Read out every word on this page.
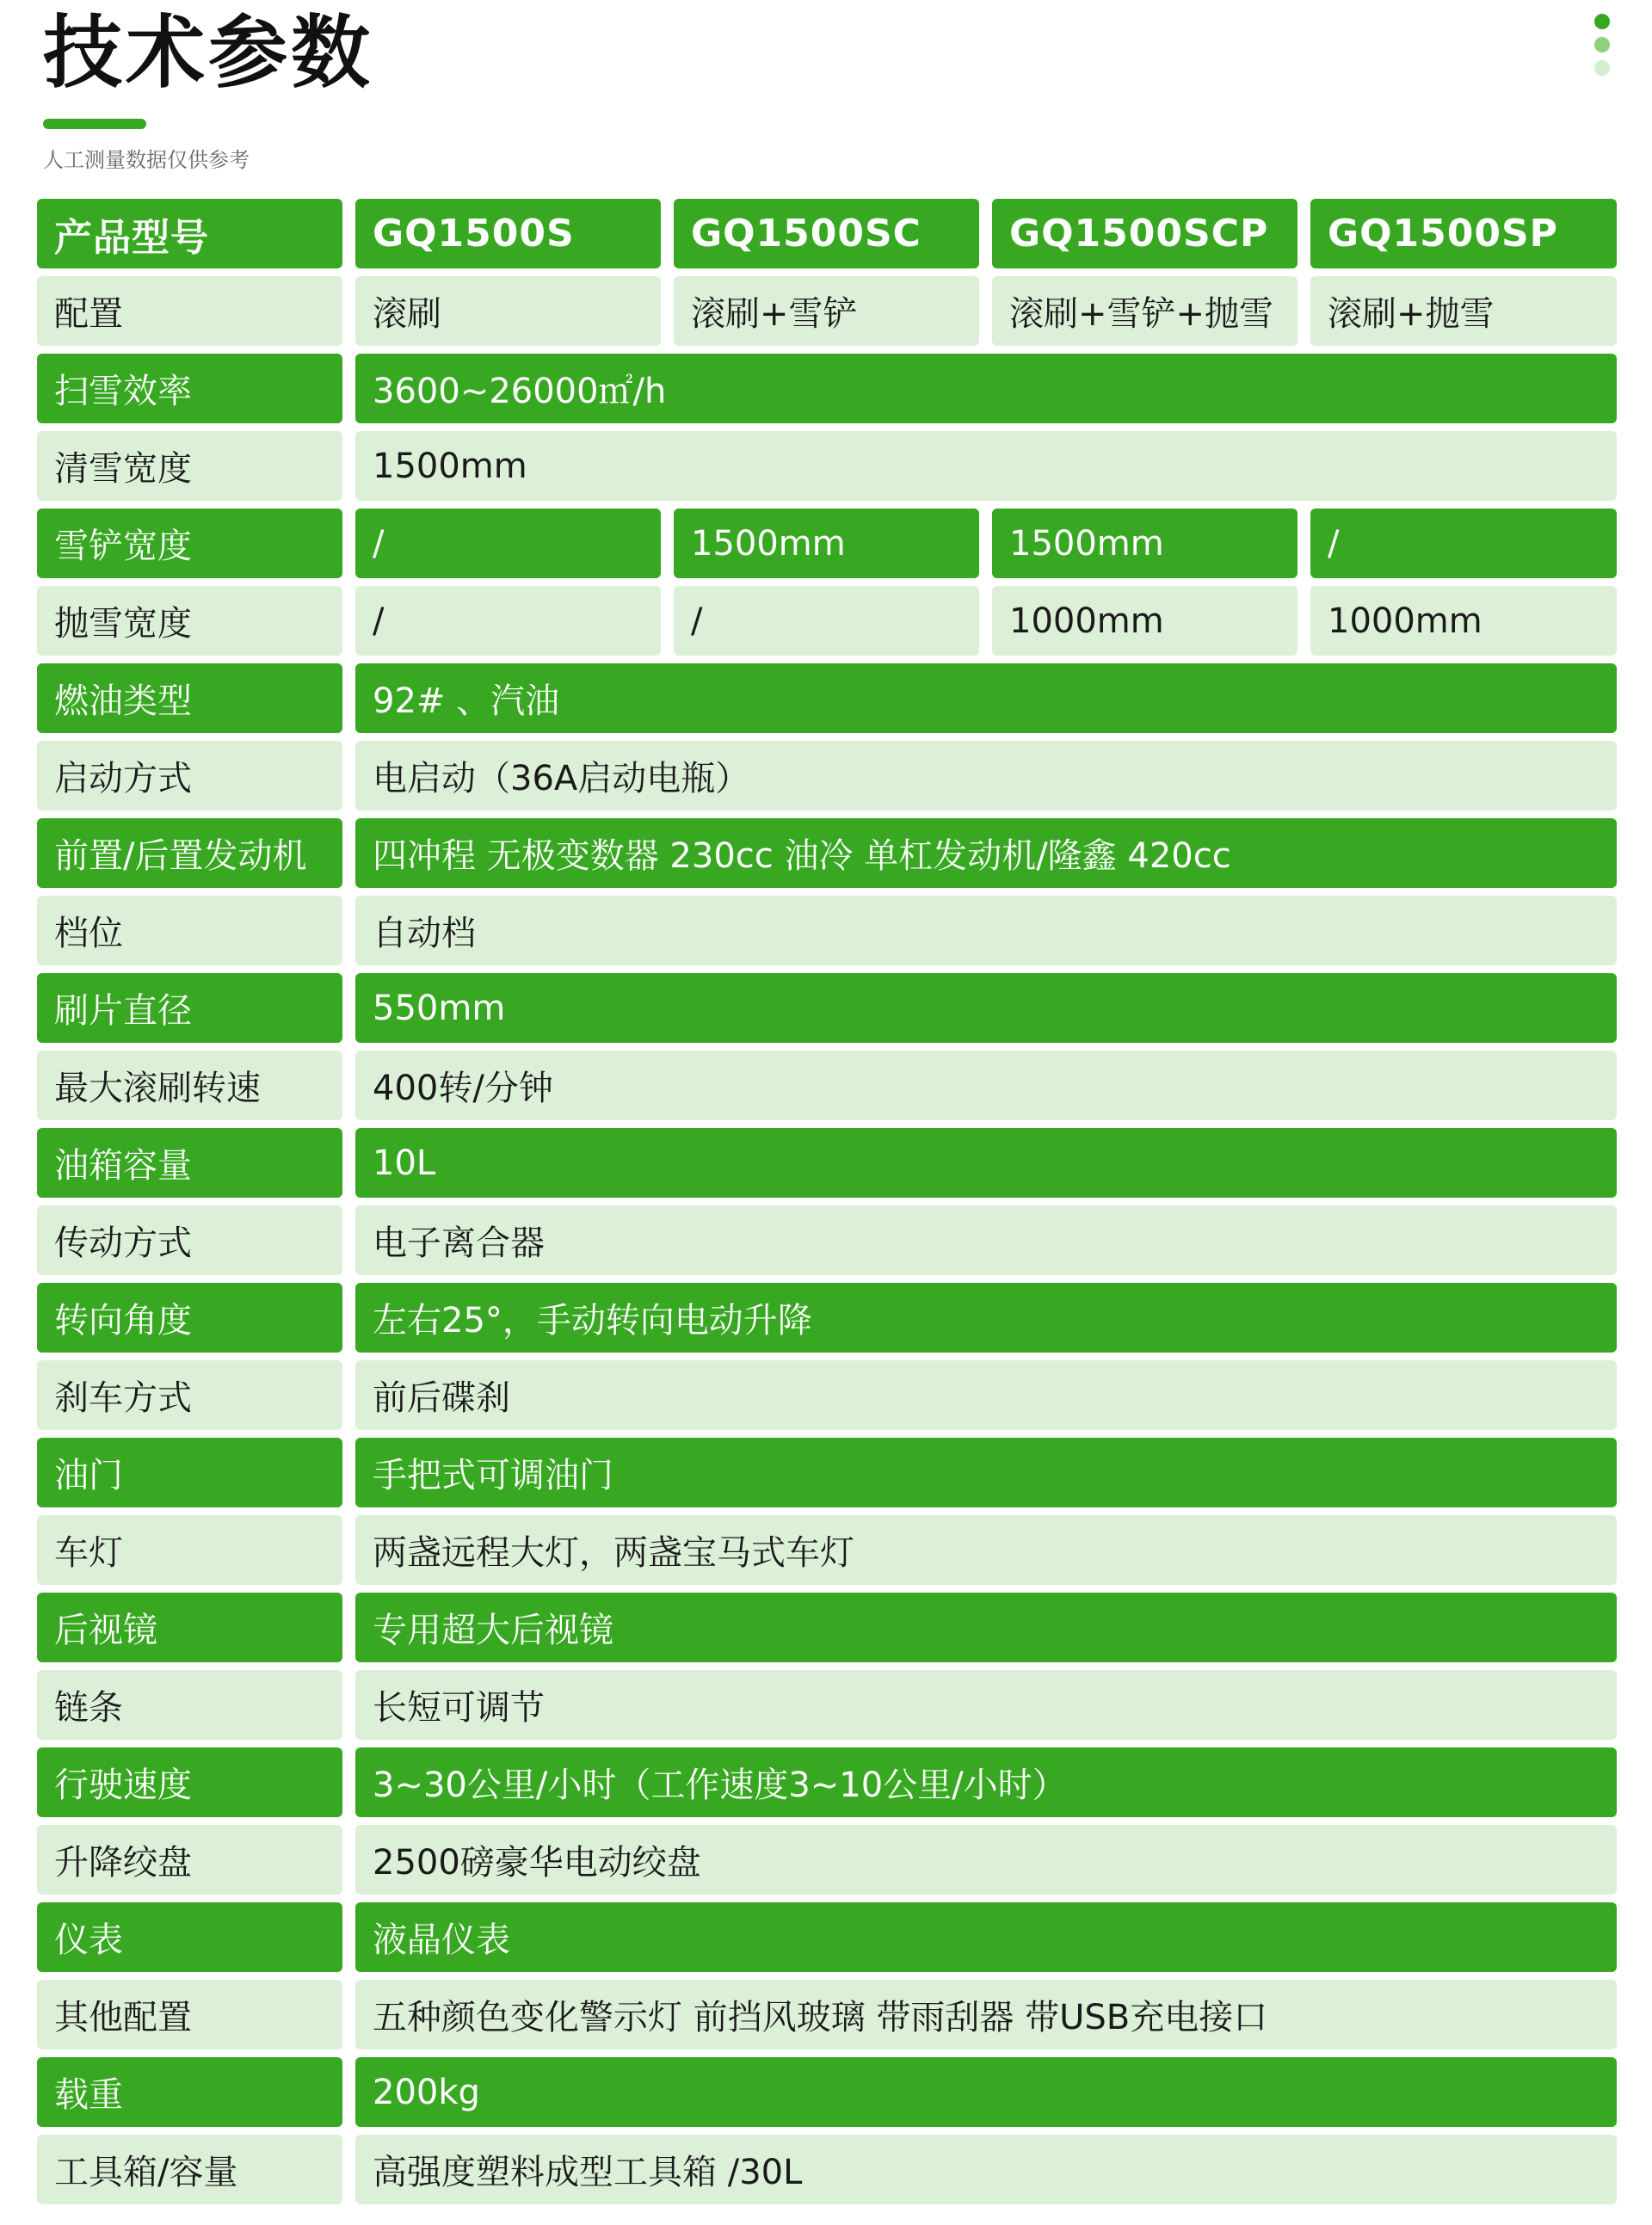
技术参数
人工测量数据仅供参考
产品型号	GQ1500S	GQ1500SC	GQ1500SCP	GQ1500SP
配置	滚刷	滚刷+雪铲	滚刷+雪铲+抛雪	滚刷+抛雪
扫雪效率	3600~26000㎡/h
清雪宽度	1500mm
雪铲宽度	/	1500mm	1500mm	/
抛雪宽度	/	/	1000mm	1000mm
燃油类型	92# 、汽油
启动方式	电启动（36A启动电瓶）
前置/后置发动机	四冲程 无极变数器 230cc 油冷 单杠发动机/隆鑫 420cc
档位	自动档
刷片直径	550mm
最大滚刷转速	400转/分钟
油箱容量	10L
传动方式	电子离合器
转向角度	左右25°，手动转向电动升降
刹车方式	前后碟刹
油门	手把式可调油门
车灯	两盏远程大灯，两盏宝马式车灯
后视镜	专用超大后视镜
链条	长短可调节
行驶速度	3~30公里/小时（工作速度3~10公里/小时）
升降绞盘	2500磅豪华电动绞盘
仪表	液晶仪表
其他配置	五种颜色变化警示灯 前挡风玻璃 带雨刮器 带USB充电接口
载重	200kg
工具箱/容量	高强度塑料成型工具箱 /30L
